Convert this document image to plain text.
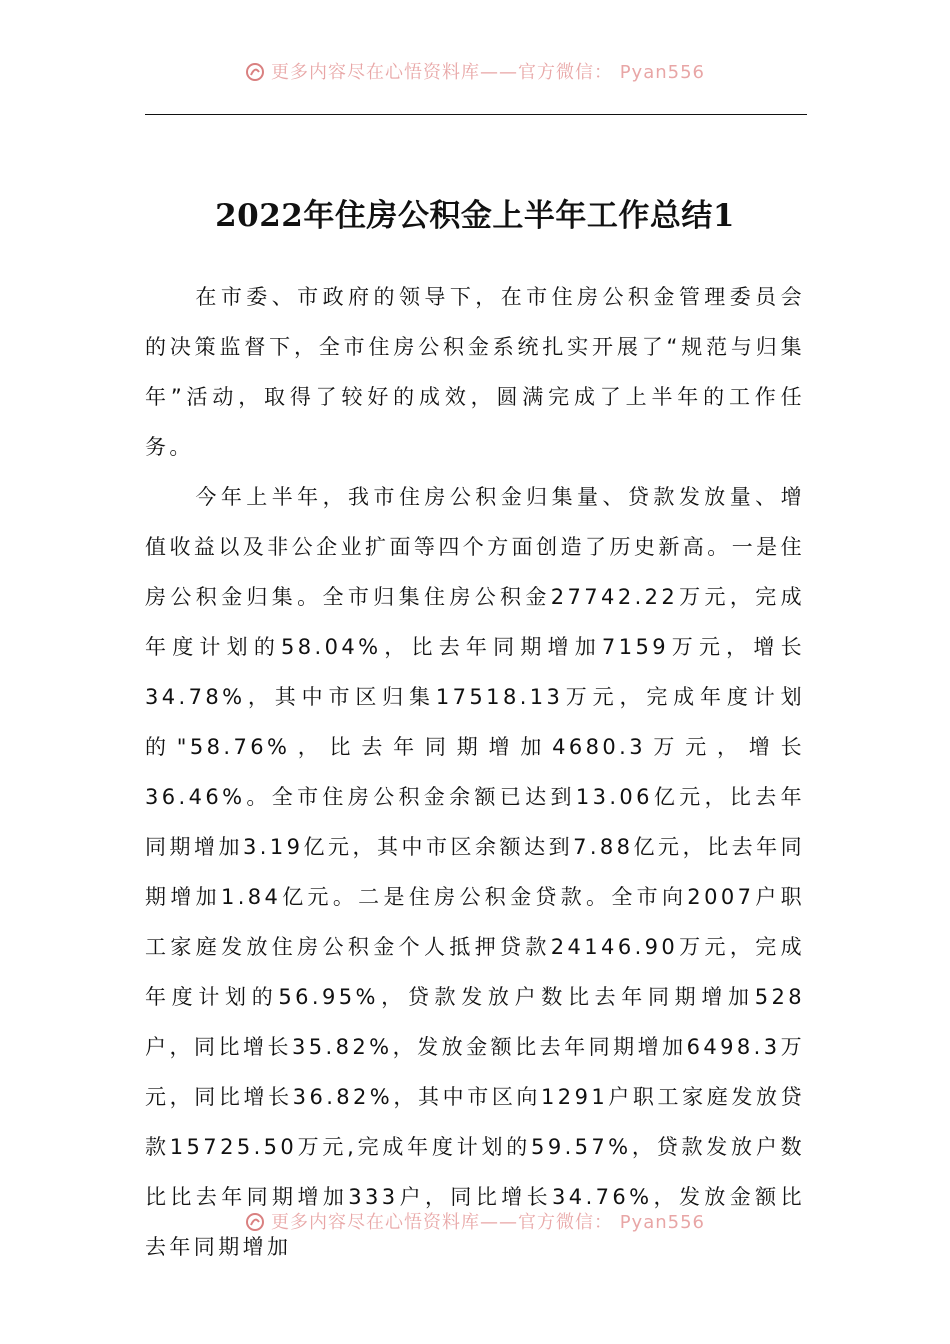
更多内容尽在心悟资料库——官方微信： Pyan556
2022年住房公积金上半年工作总结1

在市委、市政府的领导下，在市住房公积金管理委员会的决策监督下，全市住房公积金系统扎实开展了“规范与归集年”活动，取得了较好的成效，圆满完成了上半年的工作任务。

今年上半年，我市住房公积金归集量、贷款发放量、增值收益以及非公企业扩面等四个方面创造了历史新高。一是住房公积金归集。全市归集住房公积金27742.22万元，完成年度计划的58.04%，比去年同期增加7159万元，增长34.78%，其中市区归集17518.13万元，完成年度计划的"58.76%，比去年同期增加4680.3万元，增长36.46%。全市住房公积金余额已达到13.06亿元，比去年同期增加3.19亿元，其中市区余额达到7.88亿元，比去年同期增加1.84亿元。二是住房公积金贷款。全市向2007户职工家庭发放住房公积金个人抵押贷款24146.90万元，完成年度计划的56.95%，贷款发放户数比去年同期增加528户，同比增长35.82%，发放金额比去年同期增加6498.3万元，同比增长36.82%，其中市区向1291户职工家庭发放贷款15725.50万元,完成年度计划的59.57%，贷款发放户数比比去年同期增加333户，同比增长34.76%，发放金额比去年同期增加

更多内容尽在心悟资料库——官方微信： Pyan556
